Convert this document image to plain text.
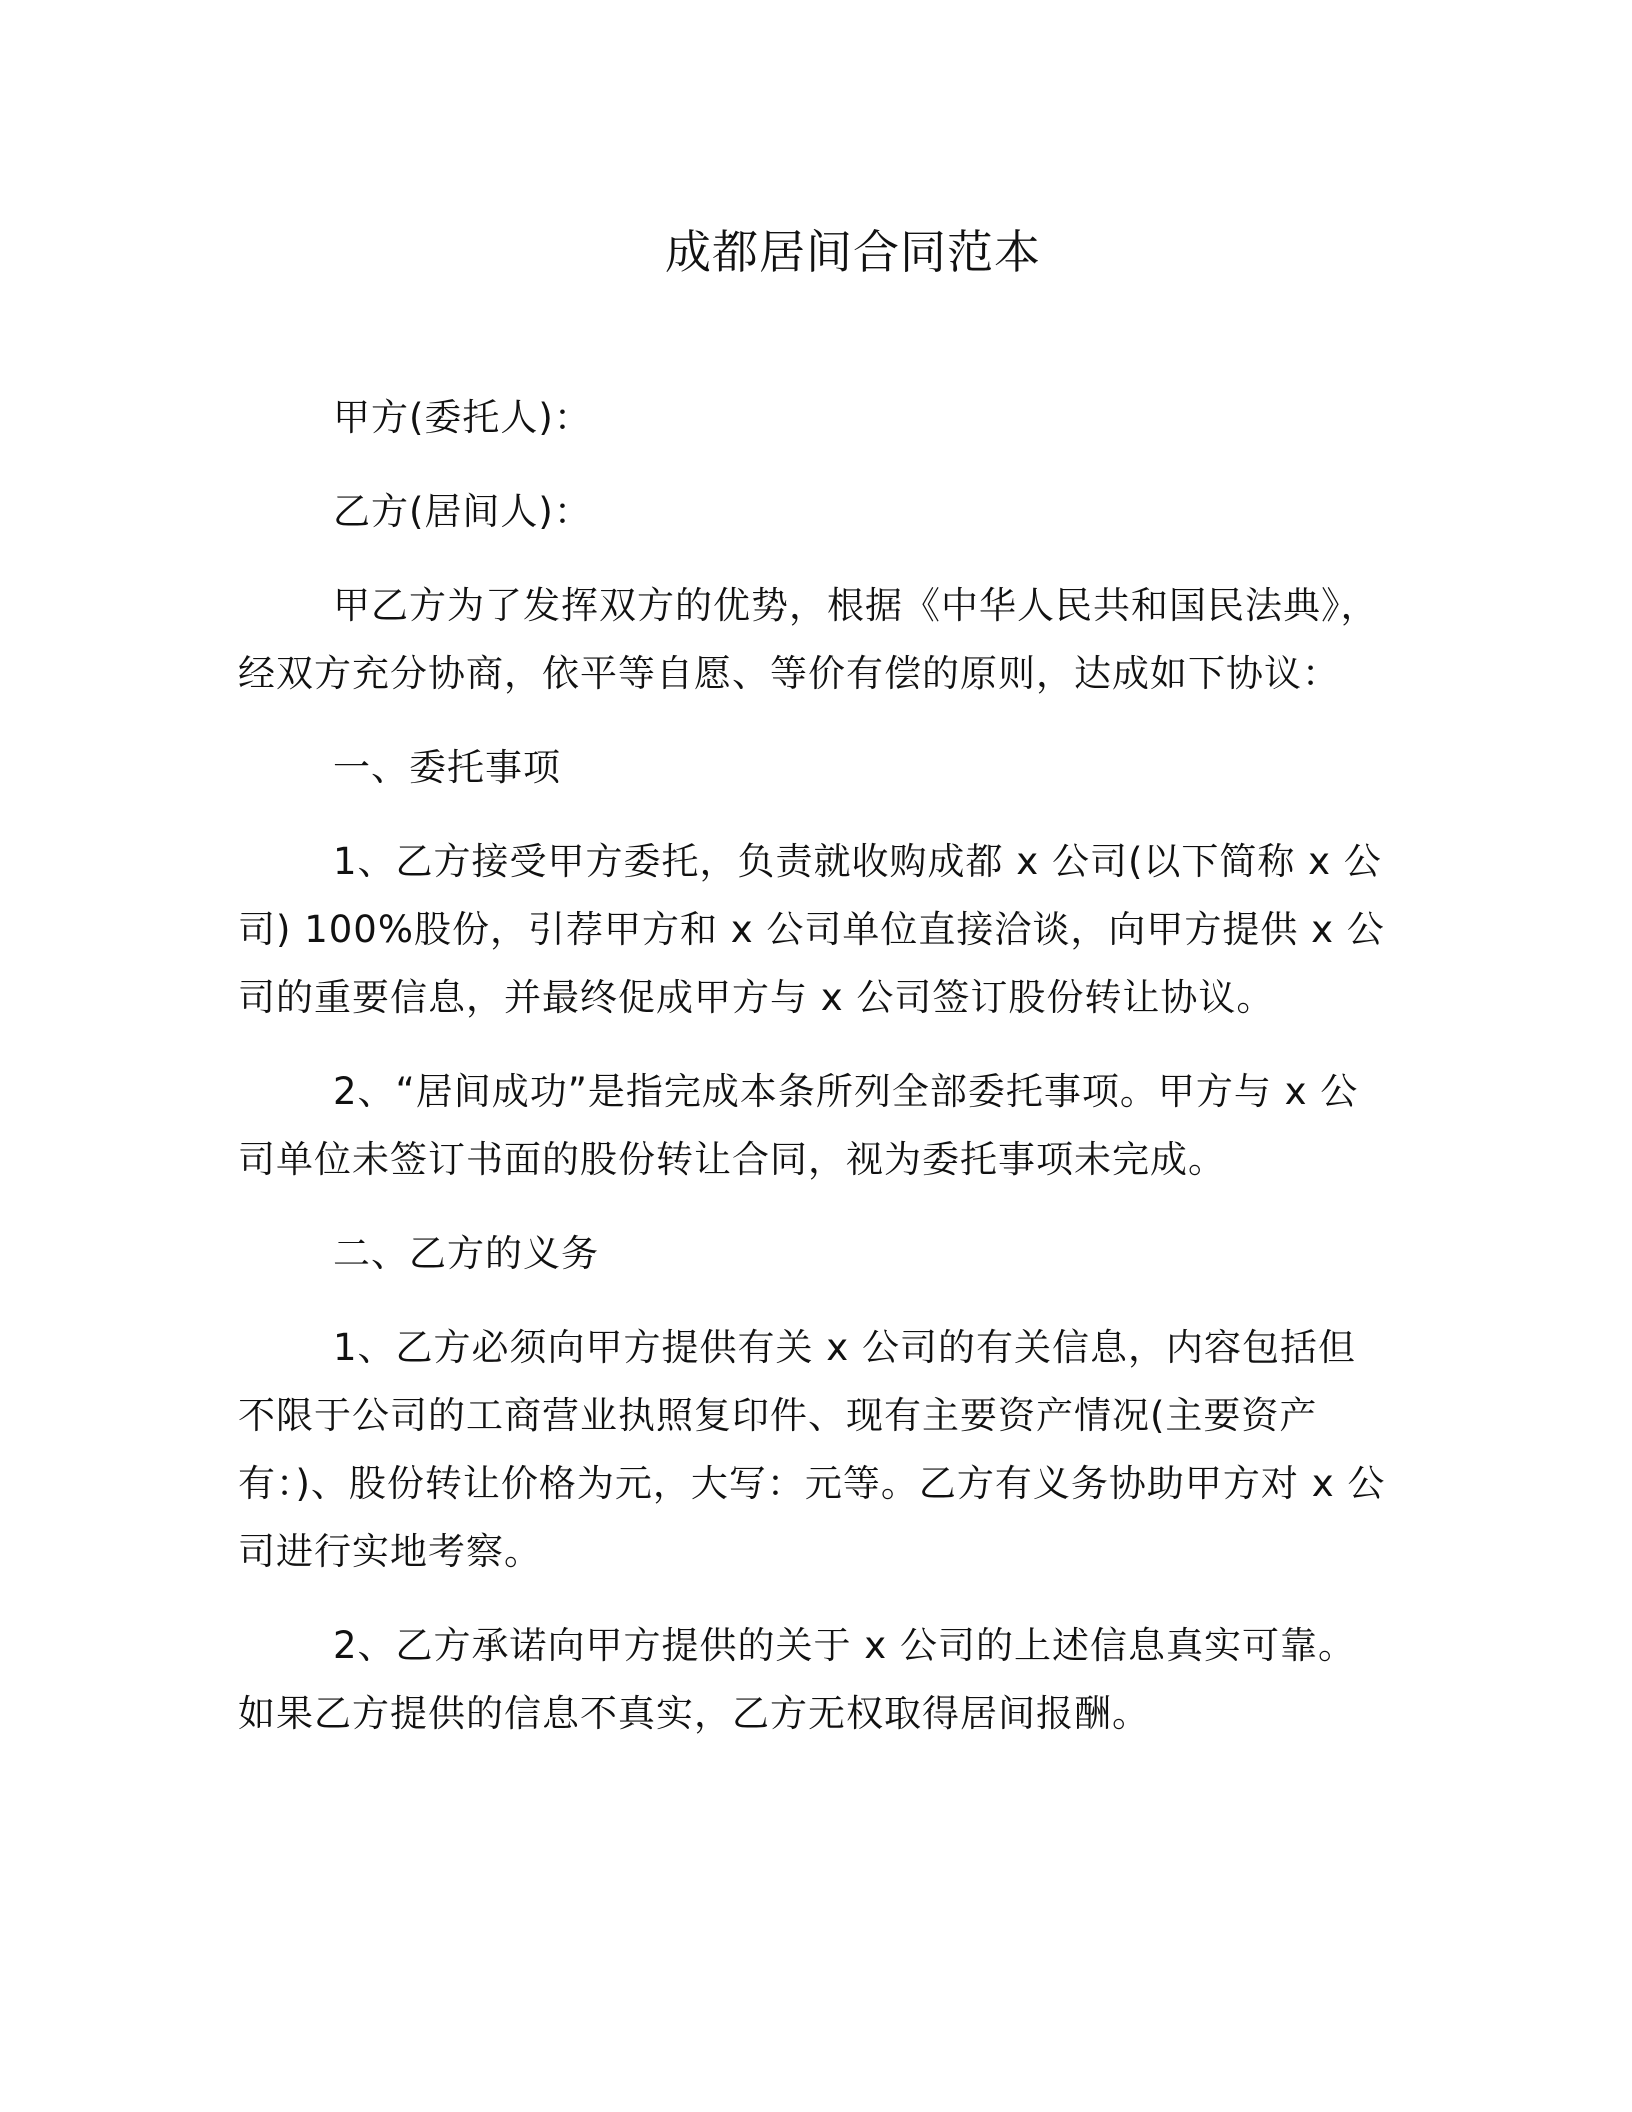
成都居间合同范本

甲方(委托人)：

乙方(居间人)：

甲乙方为了发挥双方的优势，根据《中华人民共和国民法典》，经双方充分协商，依平等自愿、等价有偿的原则，达成如下协议：

一、委托事项

1、乙方接受甲方委托，负责就收购成都 x 公司(以下简称 x 公司) 100%股份，引荐甲方和 x 公司单位直接洽谈，向甲方提供 x 公司的重要信息，并最终促成甲方与 x 公司签订股份转让协议。

2、“居间成功”是指完成本条所列全部委托事项。甲方与 x 公司单位未签订书面的股份转让合同，视为委托事项未完成。

二、乙方的义务

1、乙方必须向甲方提供有关 x 公司的有关信息，内容包括但不限于公司的工商营业执照复印件、现有主要资产情况(主要资产有：)、股份转让价格为元，大写：元等。乙方有义务协助甲方对 x 公司进行实地考察。

2、乙方承诺向甲方提供的关于 x 公司的上述信息真实可靠。如果乙方提供的信息不真实，乙方无权取得居间报酬。
